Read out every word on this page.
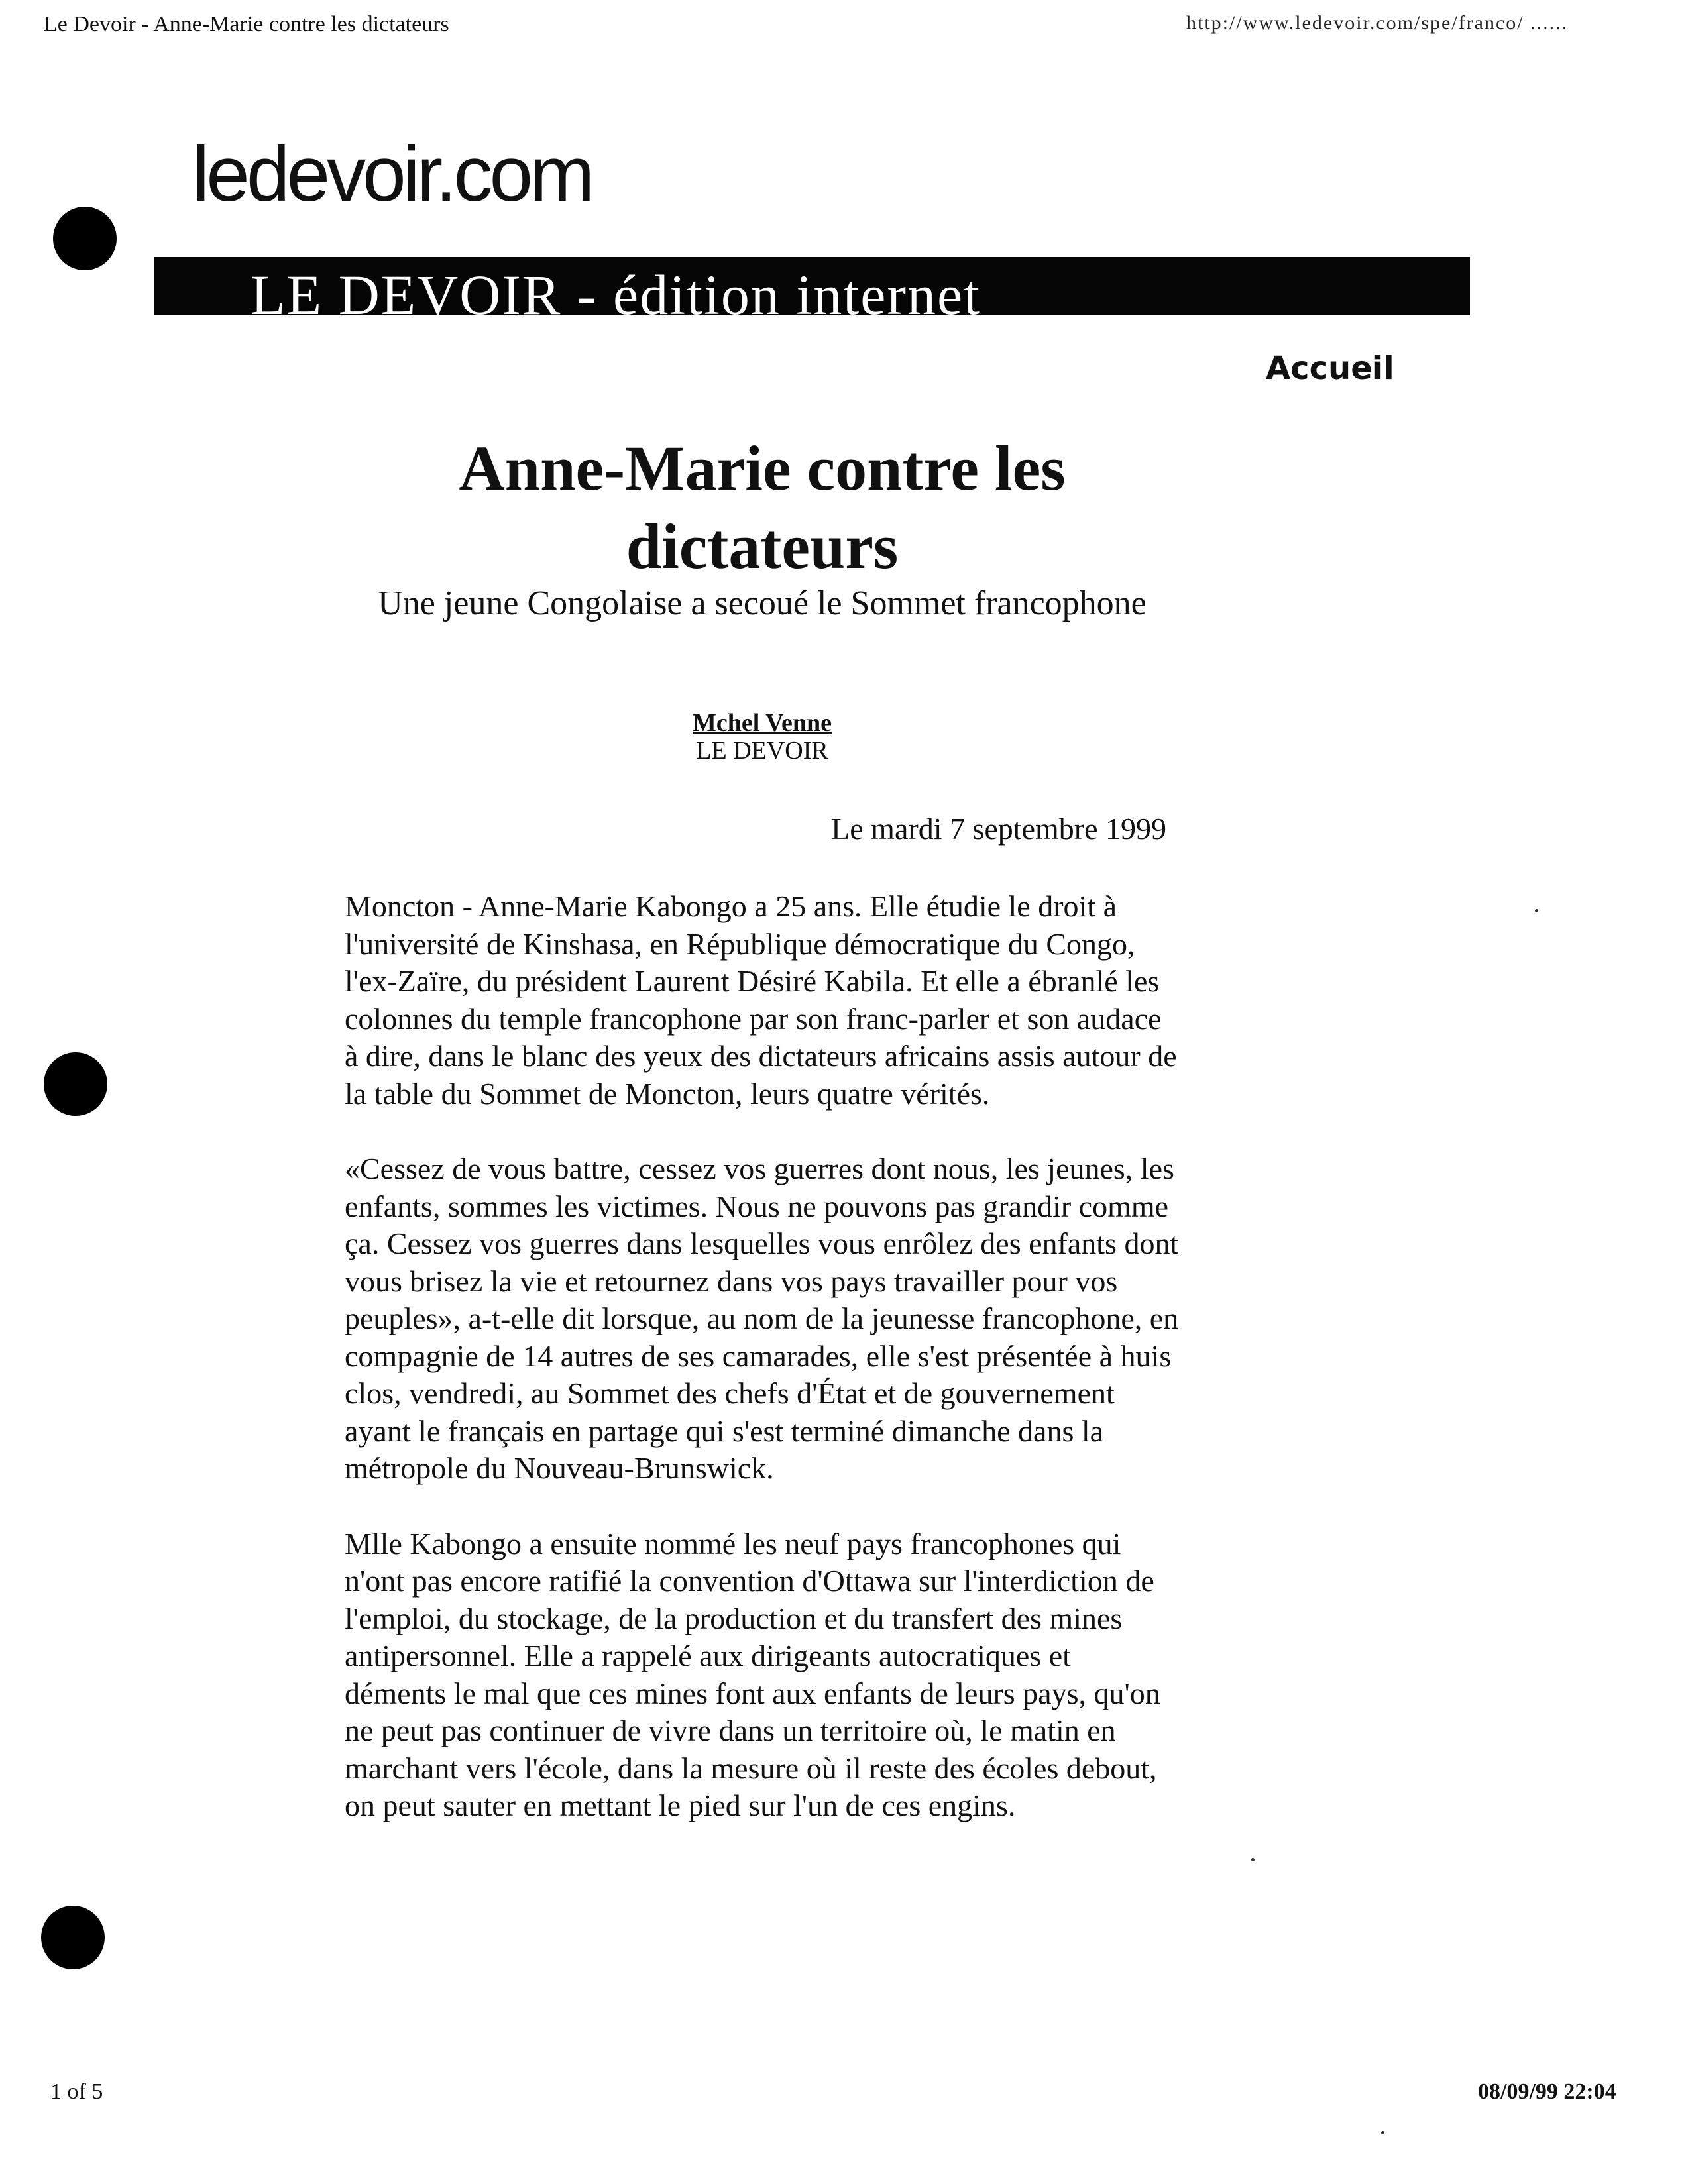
Le Devoir - Anne-Marie contre les dictateurs	http://www.ledevoir.com/spe/franco/ ......
ledevoir.com
LE DEVOIR - édition internet
Accueil
Anne-Marie contre les dictateurs
Une jeune Congolaise a secoué le Sommet francophone
Mchel Venne
LE DEVOIR
Le mardi 7 septembre 1999

Moncton - Anne-Marie Kabongo a 25 ans. Elle étudie le droit à l'université de Kinshasa, en République démocratique du Congo, l'ex-Zaïre, du président Laurent Désiré Kabila. Et elle a ébranlé les colonnes du temple francophone par son franc-parler et son audace à dire, dans le blanc des yeux des dictateurs africains assis autour de la table du Sommet de Moncton, leurs quatre vérités.

«Cessez de vous battre, cessez vos guerres dont nous, les jeunes, les enfants, sommes les victimes. Nous ne pouvons pas grandir comme ça. Cessez vos guerres dans lesquelles vous enrôlez des enfants dont vous brisez la vie et retournez dans vos pays travailler pour vos peuples», a-t-elle dit lorsque, au nom de la jeunesse francophone, en compagnie de 14 autres de ses camarades, elle s'est présentée à huis clos, vendredi, au Sommet des chefs d'État et de gouvernement ayant le français en partage qui s'est terminé dimanche dans la métropole du Nouveau-Brunswick.

Mlle Kabongo a ensuite nommé les neuf pays francophones qui n'ont pas encore ratifié la convention d'Ottawa sur l'interdiction de l'emploi, du stockage, de la production et du transfert des mines antipersonnel. Elle a rappelé aux dirigeants autocratiques et déments le mal que ces mines font aux enfants de leurs pays, qu'on ne peut pas continuer de vivre dans un territoire où, le matin en marchant vers l'école, dans la mesure où il reste des écoles debout, on peut sauter en mettant le pied sur l'un de ces engins.

1 of 5	08/09/99 22:04
